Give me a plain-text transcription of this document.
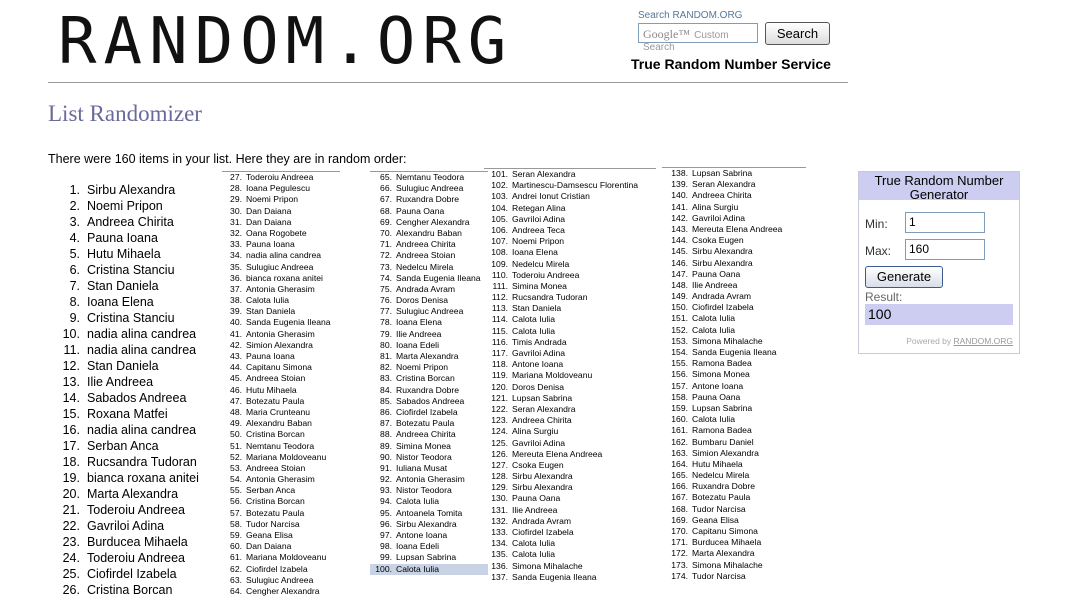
RANDOM.ORG	Search RANDOM.ORG
Google™ Custom Search
Search
True Random Number Service
List Randomizer
There were 160 items in your list. Here they are in random order:
1. Sirbu Alexandra
2. Noemi Pripon
3. Andreea Chirita
4. Pauna Ioana
5. Hutu Mihaela
6. Cristina Stanciu
7. Stan Daniela
8. Ioana Elena
9. Cristina Stanciu
10. nadia alina candrea
11. nadia alina candrea
12. Stan Daniela
13. Ilie Andreea
14. Sabados Andreea
15. Roxana Matfei
16. nadia alina candrea
17. Serban Anca
18. Rucsandra Tudoran
19. bianca roxana anitei
20. Marta Alexandra
21. Toderoiu Andreea
22. Gavriloi Adina
23. Burducea Mihaela
24. Toderoiu Andreea
25. Ciofirdel Izabela
26. Cristina Borcan
27. Toderoiu Andreea
28. Ioana Pegulescu
29. Noemi Pripon
30. Dan Daiana
31. Dan Daiana
32. Oana Rogobete
33. Pauna Ioana
34. nadia alina candrea
35. Sulugiuc Andreea
36. bianca roxana anitei
37. Antonia Gherasim
38. Calota Iulia
39. Stan Daniela
40. Sanda Eugenia Ileana
41. Antonia Gherasim
42. Simion Alexandra
43. Pauna Ioana
44. Capitanu Simona
45. Andreea Stoian
46. Hutu Mihaela
47. Botezatu Paula
48. Maria Crunteanu
49. Alexandru Baban
50. Cristina Borcan
51. Nemtanu Teodora
52. Mariana Moldoveanu
53. Andreea Stoian
54. Antonia Gherasim
55. Serban Anca
56. Cristina Borcan
57. Botezatu Paula
58. Tudor Narcisa
59. Geana Elisa
60. Dan Daiana
61. Mariana Moldoveanu
62. Ciofirdel Izabela
63. Sulugiuc Andreea
64. Cengher Alexandra
65. Nemtanu Teodora
66. Sulugiuc Andreea
67. Ruxandra Dobre
68. Pauna Oana
69. Cengher Alexandra
70. Alexandru Baban
71. Andreea Chirita
72. Andreea Stoian
73. Nedelcu Mirela
74. Sanda Eugenia Ileana
75. Andrada Avram
76. Doros Denisa
77. Sulugiuc Andreea
78. Ioana Elena
79. Ilie Andreea
80. Ioana Edeli
81. Marta Alexandra
82. Noemi Pripon
83. Cristina Borcan
84. Ruxandra Dobre
85. Sabados Andreea
86. Ciofirdel Izabela
87. Botezatu Paula
88. Andreea Chirita
89. Simina Monea
90. Nistor Teodora
91. Iuliana Musat
92. Antonia Gherasim
93. Nistor Teodora
94. Calota Iulia
95. Antoanela Tomita
96. Sirbu Alexandra
97. Antone Ioana
98. Ioana Edeli
99. Lupsan Sabrina
100. Calota Iulia
101. Seran Alexandra
102. Martinescu-Damsescu Florentina
103. Andrei Ionut Cristian
104. Retegan Alina
105. Gavriloi Adina
106. Andreea Teca
107. Noemi Pripon
108. Ioana Elena
109. Nedelcu Mirela
110. Toderoiu Andreea
111. Simina Monea
112. Rucsandra Tudoran
113. Stan Daniela
114. Calota Iulia
115. Calota Iulia
116. Timis Andrada
117. Gavriloi Adina
118. Antone Ioana
119. Mariana Moldoveanu
120. Doros Denisa
121. Lupsan Sabrina
122. Seran Alexandra
123. Andreea Chirita
124. Alina Surgiu
125. Gavriloi Adina
126. Mereuta Elena Andreea
127. Csoka Eugen
128. Sirbu Alexandra
129. Sirbu Alexandra
130. Pauna Oana
131. Ilie Andreea
132. Andrada Avram
133. Ciofirdel Izabela
134. Calota Iulia
135. Calota Iulia
136. Simona Mihalache
137. Sanda Eugenia Ileana
138. Lupsan Sabrina
139. Seran Alexandra
140. Andreea Chirita
141. Alina Surgiu
142. Gavriloi Adina
143. Mereuta Elena Andreea
144. Csoka Eugen
145. Sirbu Alexandra
146. Sirbu Alexandra
147. Pauna Oana
148. Ilie Andreea
149. Andrada Avram
150. Ciofirdel Izabela
151. Calota Iulia
152. Calota Iulia
153. Simona Mihalache
154. Sanda Eugenia Ileana
155. Ramona Badea
156. Simona Monea
157. Antone Ioana
158. Pauna Oana
159. Lupsan Sabrina
160. Calota Iulia
161. Ramona Badea
162. Bumbaru Daniel
163. Simion Alexandra
164. Hutu Mihaela
165. Nedelcu Mirela
166. Ruxandra Dobre
167. Botezatu Paula
168. Tudor Narcisa
169. Geana Elisa
170. Capitanu Simona
171. Burducea Mihaela
172. Marta Alexandra
173. Simona Mihalache
174. Tudor Narcisa
True Random Number Generator
Min:	1
Max:	160
Generate
Result:
100
Powered by RANDOM.ORG
